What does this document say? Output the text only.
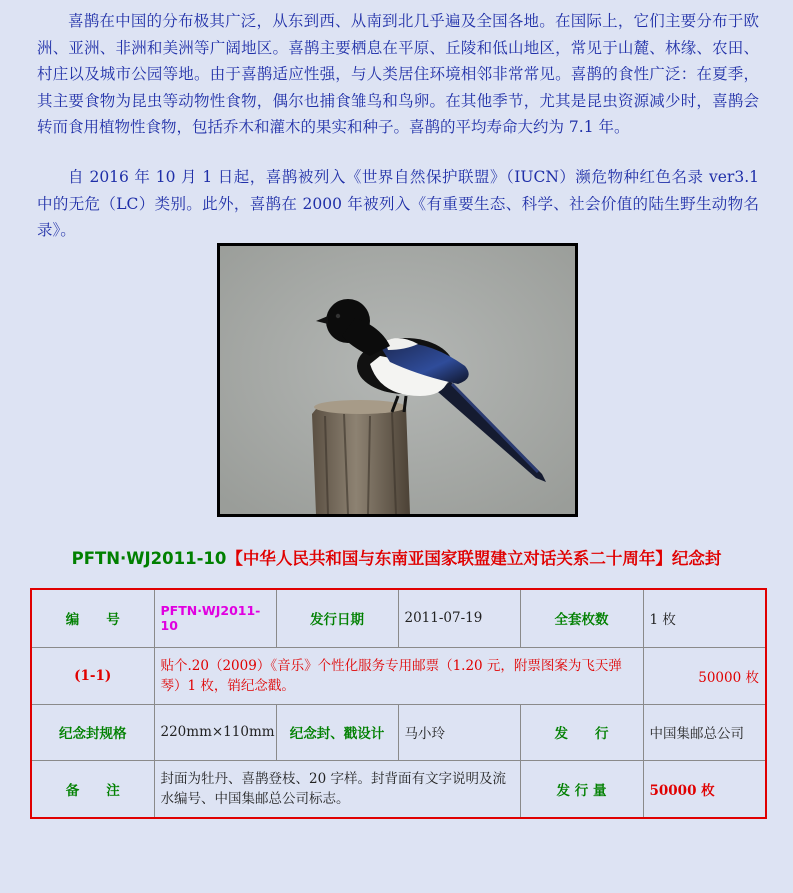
喜鹊在中国的分布极其广泛，从东到西、从南到北几乎遍及全国各地。在国际上，它们主要分布于欧洲、亚洲、非洲和美洲等广阔地区。喜鹊主要栖息在平原、丘陵和低山地区，常见于山麓、林缘、农田、村庄以及城市公园等地。由于喜鹊适应性强，与人类居住环境相邻非常常见。喜鹊的食性广泛：在夏季，其主要食物为昆虫等动物性食物，偶尔也捕食雏鸟和鸟卵。在其他季节，尤其是昆虫资源减少时，喜鹊会转而食用植物性食物，包括乔木和灌木的果实和种子。喜鹊的平均寿命大约为 7.1 年。

自 2016 年 10 月 1 日起，喜鹊被列入《世界自然保护联盟》（IUCN）濒危物种红色名录 ver3.1 中的无危（LC）类别。此外，喜鹊在 2000 年被列入《有重要生态、科学、社会价值的陆生野生动物名录》。

PFTN·WJ2011-10【中华人民共和国与东南亚国家联盟建立对话关系二十周年】纪念封
编　　号	PFTN·WJ2011-10	发行日期	2011-07-19	全套枚数	1 枚
(1-1)	贴个.20（2009）《音乐》个性化服务专用邮票（1.20 元，附票图案为飞天弹琴）1 枚，销纪念戳。				50000 枚
纪念封规格	220mm×110mm	纪念封、戳设计	马小玲	发　　行	中国集邮总公司
备　　注	封面为牡丹、喜鹊登枝、20 字样。封背面有文字说明及流水编号、中国集邮总公司标志。			发 行 量	50000 枚
